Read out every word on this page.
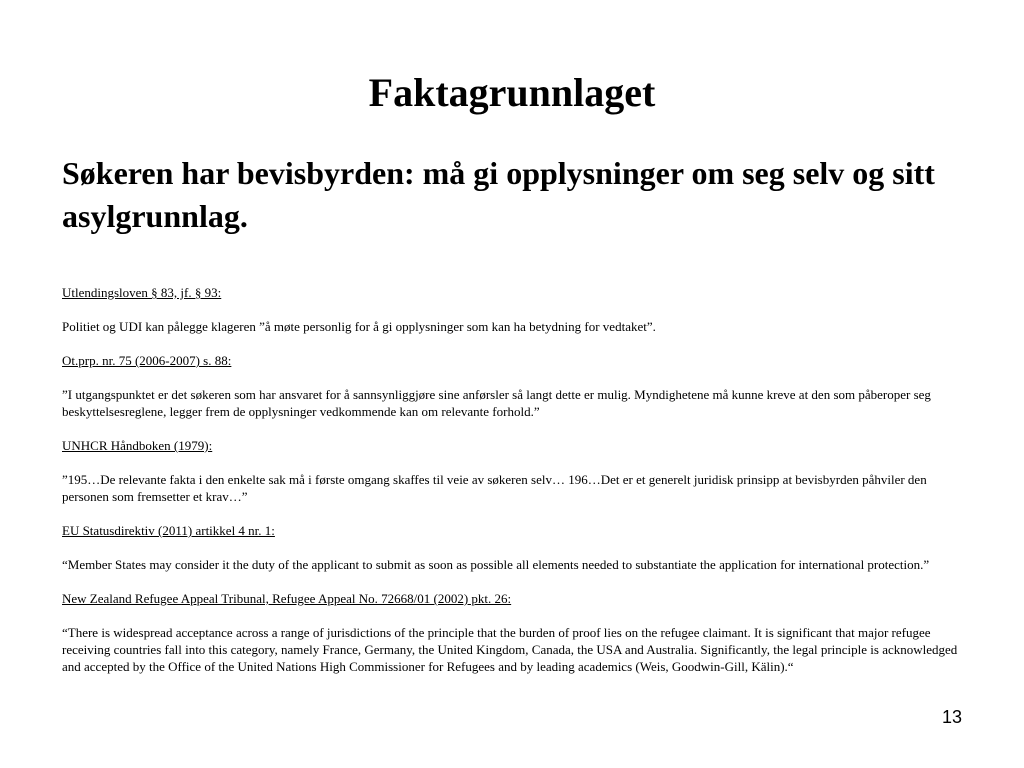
Faktagrunnlaget
Søkeren har bevisbyrden: må gi opplysninger om seg selv og sitt asylgrunnlag.

Utlendingsloven § 83, jf. § 93:

Politiet og UDI kan pålegge klageren ”å møte personlig for å gi opplysninger som kan ha betydning for vedtaket”.

Ot.prp. nr. 75 (2006-2007) s. 88:

”I utgangspunktet er det søkeren som har ansvaret for å sannsynliggjøre sine anførsler så langt dette er mulig. Myndighetene må kunne kreve at den som påberoper seg beskyttelsesreglene, legger frem de opplysninger vedkommende kan om relevante forhold.”

UNHCR Håndboken (1979):

”195…De relevante fakta i den enkelte sak må i første omgang skaffes til veie av søkeren selv… 196…Det er et generelt juridisk prinsipp at bevisbyrden påhviler den personen som fremsetter et krav…”

EU Statusdirektiv (2011) artikkel 4 nr. 1:

“Member States may consider it the duty of the applicant to submit as soon as possible all elements needed to substantiate the application for international protection.”

New Zealand Refugee Appeal Tribunal, Refugee Appeal No. 72668/01 (2002) pkt. 26:

“There is widespread acceptance across a range of jurisdictions of the principle that the burden of proof lies on the refugee claimant. It is significant that major refugee receiving countries fall into this category, namely France, Germany, the United Kingdom, Canada, the USA and Australia. Significantly, the legal principle is acknowledged and accepted by the Office of the United Nations High Commissioner for Refugees and by leading academics (Weis, Goodwin-Gill, Kälin).“

13
